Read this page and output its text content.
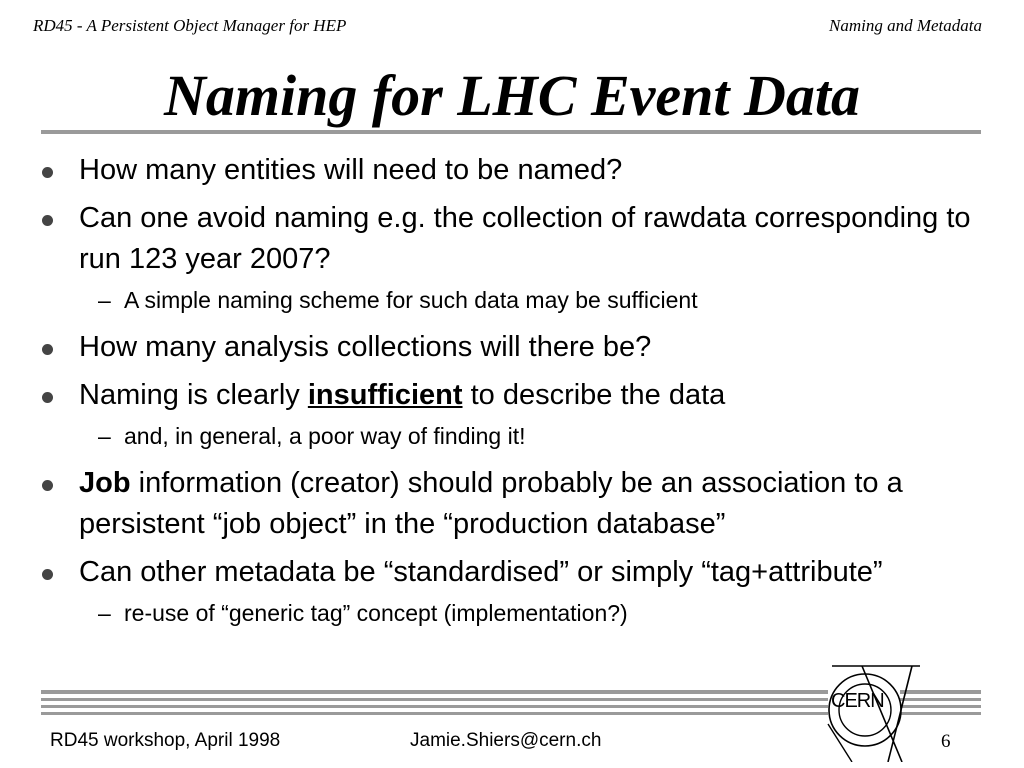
RD45 - A Persistent Object Manager for HEP	Naming and Metadata
Naming for LHC Event Data
How many entities will need to be named?
Can one avoid naming e.g. the collection of rawdata corresponding to run 123 year 2007?
– A simple naming scheme for such data may be sufficient
How many analysis collections will there be?
Naming is clearly insufficient to describe the data
– and, in general, a poor way of finding it!
Job information (creator) should probably be an association to a persistent “job object” in the “production database”
Can other metadata be “standardised” or simply “tag+attribute”
– re-use of “generic tag” concept (implementation?)
CERN
RD45 workshop, April 1998	Jamie.Shiers@cern.ch	6
